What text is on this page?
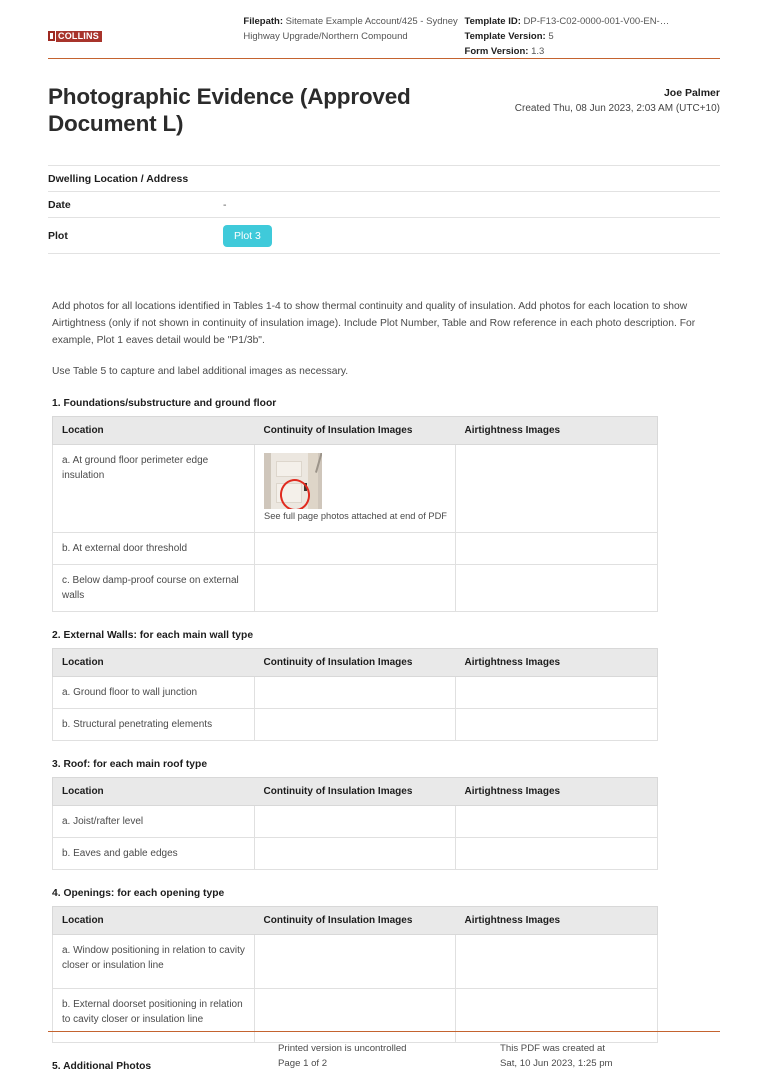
COLLINS
Filepath: Sitemate Example Account/425 - Sydney Highway Upgrade/Northern Compound
Template ID: DP-F13-C02-0000-001-V00-EN-…
Template Version: 5
Form Version: 1.3
Photographic Evidence (Approved Document L)
Joe Palmer
Created Thu, 08 Jun 2023, 2:03 AM (UTC+10)
Dwelling Location / Address
Date	-
Plot	Plot 3

Add photos for all locations identified in Tables 1-4 to show thermal continuity and quality of insulation. Add photos for each location to show Airtightness (only if not shown in continuity of insulation image). Include Plot Number, Table and Row reference in each photo description. For example, Plot 1 eaves detail would be "P1/3b".

Use Table 5 to capture and label additional images as necessary.

1. Foundations/substructure and ground floor
Location	Continuity of Insulation Images	Airtightness Images
a. At ground floor perimeter edge insulation	See full page photos attached at end of PDF	
b. At external door threshold		
c. Below damp-proof course on external walls		
2. External Walls: for each main wall type
Location	Continuity of Insulation Images	Airtightness Images
a. Ground floor to wall junction		
b. Structural penetrating elements		
3. Roof: for each main roof type
Location	Continuity of Insulation Images	Airtightness Images
a. Joist/rafter level		
b. Eaves and gable edges		
4. Openings: for each opening type
Location	Continuity of Insulation Images	Airtightness Images
a. Window positioning in relation to cavity closer or insulation line		
b. External doorset positioning in relation to cavity closer or insulation line		
5. Additional Photos
Printed version is uncontrolled
Page 1 of 2
This PDF was created at
Sat, 10 Jun 2023, 1:25 pm
